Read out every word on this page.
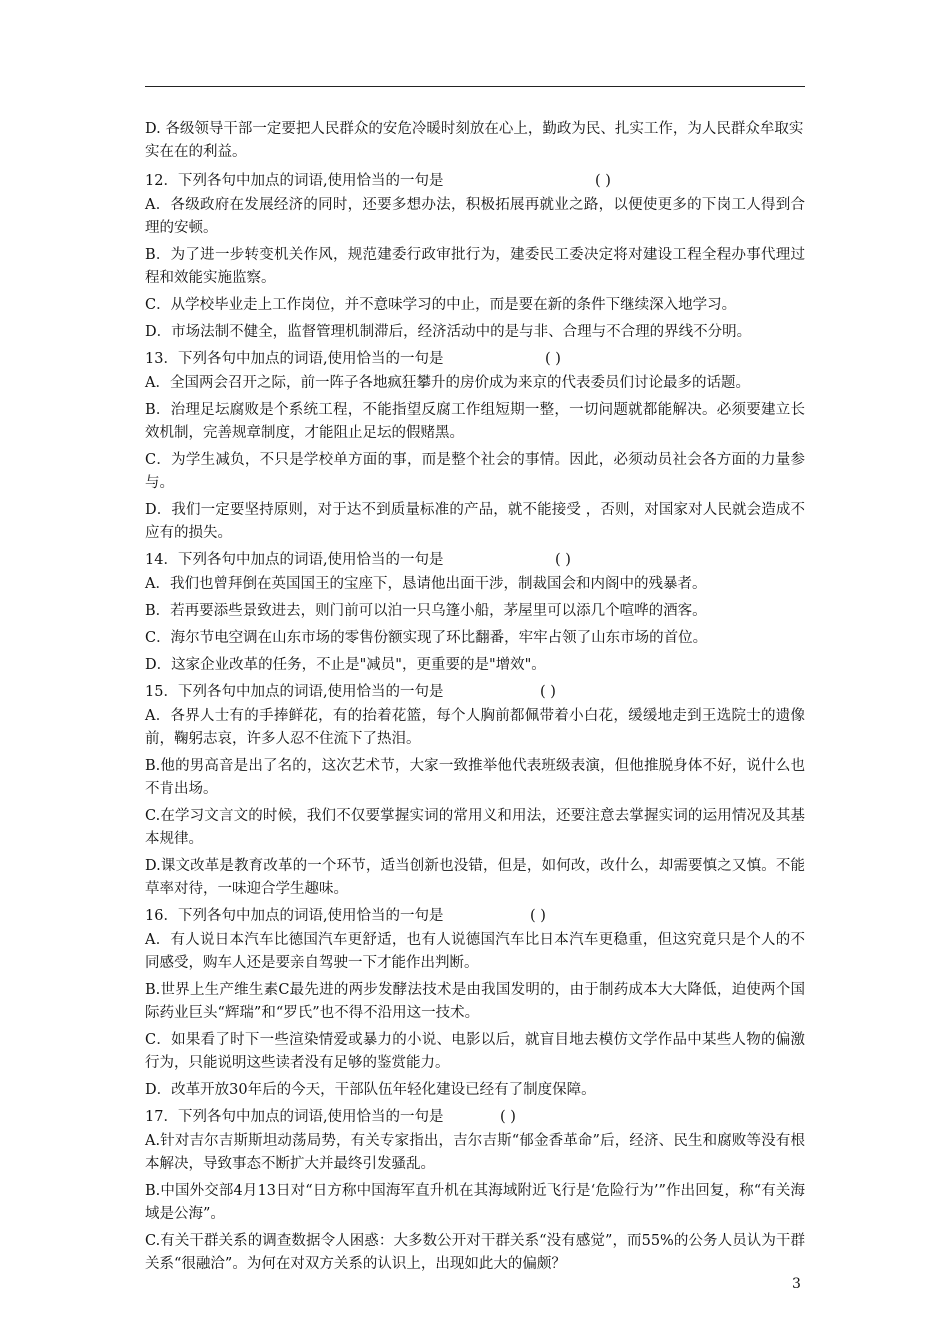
D. 各级领导干部一定要把人民群众的安危冷暖时刻放在心上，勤政为民、扎实工作，为人民群众牟取实实在在的利益。

12．下列各句中加点的词语,使用恰当的一句是	( )

A．各级政府在发展经济的同时，还要多想办法，积极拓展再就业之路，以便使更多的下岗工人得到合理的安顿。

B．为了进一步转变机关作风，规范建委行政审批行为，建委民工委决定将对建设工程全程办事代理过程和效能实施监察。

C．从学校毕业走上工作岗位，并不意味学习的中止，而是要在新的条件下继续深入地学习。

D．市场法制不健全，监督管理机制滞后，经济活动中的是与非、合理与不合理的界线不分明。

13．下列各句中加点的词语,使用恰当的一句是	( )

A．全国两会召开之际，前一阵子各地疯狂攀升的房价成为来京的代表委员们讨论最多的话题。

B．治理足坛腐败是个系统工程，不能指望反腐工作组短期一整，一切问题就都能解决。必须要建立长效机制，完善规章制度，才能阻止足坛的假赌黑。

C．为学生减负，不只是学校单方面的事，而是整个社会的事情。因此，必须动员社会各方面的力量参与。

D．我们一定要坚持原则，对于达不到质量标准的产品，就不能接受 ，否则，对国家对人民就会造成不应有的损失。

14．下列各句中加点的词语,使用恰当的一句是	( )

A．我们也曾拜倒在英国国王的宝座下，恳请他出面干涉，制裁国会和内阁中的残暴者。

B．若再要添些景致进去，则门前可以泊一只乌篷小船，茅屋里可以添几个喧哗的酒客。

C．海尔节电空调在山东市场的零售份额实现了环比翻番，牢牢占领了山东市场的首位。

D．这家企业改革的任务，不止是"减员"，更重要的是"增效"。

15．下列各句中加点的词语,使用恰当的一句是	( )

A．各界人士有的手捧鲜花，有的抬着花篮，每个人胸前都佩带着小白花，缓缓地走到王选院士的遗像前，鞠躬志哀，许多人忍不住流下了热泪。

B.他的男高音是出了名的，这次艺术节，大家一致推举他代表班级表演，但他推脱身体不好，说什么也不肯出场。

C.在学习文言文的时候，我们不仅要掌握实词的常用义和用法，还要注意去掌握实词的运用情况及其基本规律。

D.课文改革是教育改革的一个环节，适当创新也没错，但是，如何改，改什么，却需要慎之又慎。不能草率对待，一味迎合学生趣味。

16．下列各句中加点的词语,使用恰当的一句是	( )

A．有人说日本汽车比德国汽车更舒适，也有人说德国汽车比日本汽车更稳重，但这究竟只是个人的不同感受，购车人还是要亲自驾驶一下才能作出判断。

B.世界上生产维生素C最先进的两步发酵法技术是由我国发明的，由于制药成本大大降低，迫使两个国际药业巨头“辉瑞”和“罗氏”也不得不沿用这一技术。

C．如果看了时下一些渲染情爱或暴力的小说、电影以后，就盲目地去模仿文学作品中某些人物的偏激行为，只能说明这些读者没有足够的鉴赏能力。

D．改革开放30年后的今天，干部队伍年轻化建设已经有了制度保障。

17．下列各句中加点的词语,使用恰当的一句是	( )

A.针对吉尔吉斯斯坦动荡局势，有关专家指出，吉尔吉斯“郁金香革命”后，经济、民生和腐败等没有根本解决，导致事态不断扩大并最终引发骚乱。

B.中国外交部4月13日对“日方称中国海军直升机在其海域附近飞行是‘危险行为’”作出回复，称“有关海域是公海”。

C.有关干群关系的调查数据令人困惑：大多数公开对干群关系“没有感觉”，而55%的公务人员认为干群关系“很融洽”。为何在对双方关系的认识上，出现如此大的偏颇？

3
